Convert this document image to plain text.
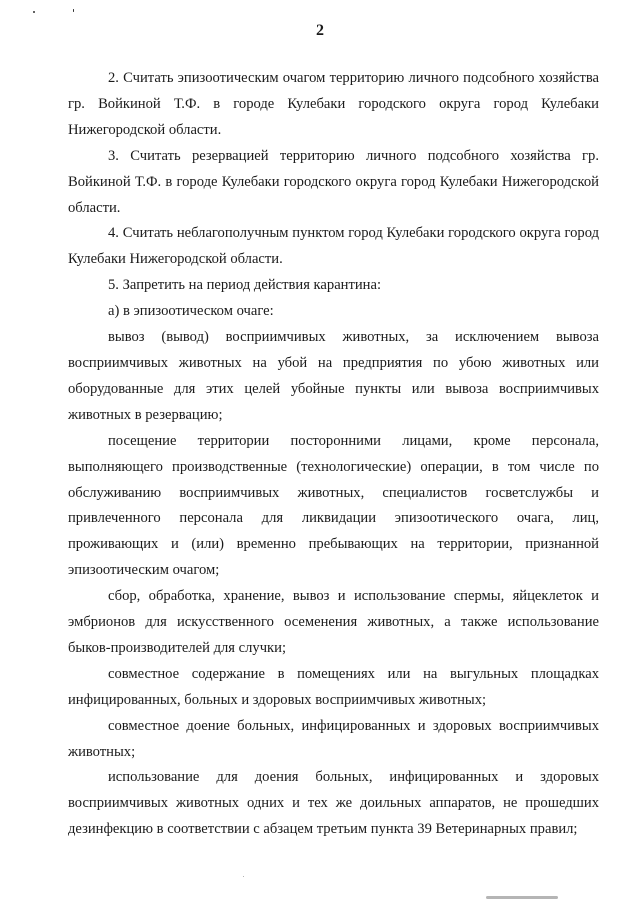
2

2. Считать эпизоотическим очагом территорию личного подсобного хозяйства гр. Войкиной Т.Ф. в городе Кулебаки городского округа город Кулебаки Нижегородской области.

3. Считать резервацией территорию личного подсобного хозяйства гр. Войкиной Т.Ф. в городе Кулебаки городского округа город Кулебаки Нижегородской области.

4. Считать неблагополучным пунктом город Кулебаки городского округа город Кулебаки Нижегородской области.

5. Запретить на период действия карантина:

а) в эпизоотическом очаге:

вывоз (вывод) восприимчивых животных, за исключением вывоза восприимчивых животных на убой на предприятия по убою животных или оборудованные для этих целей убойные пункты или вывоза восприимчивых животных в резервацию;

посещение территории посторонними лицами, кроме персонала, выполняющего производственные (технологические) операции, в том числе по обслуживанию восприимчивых животных, специалистов госветслужбы и привлеченного персонала для ликвидации эпизоотического очага, лиц, проживающих и (или) временно пребывающих на территории, признанной эпизоотическим очагом;

сбор, обработка, хранение, вывоз и использование спермы, яйцеклеток и эмбрионов для искусственного осеменения животных, а также использование быков-производителей для случки;

совместное содержание в помещениях или на выгульных площадках инфицированных, больных и здоровых восприимчивых животных;

совместное доение больных, инфицированных и здоровых восприимчивых животных;

использование для доения больных, инфицированных и здоровых восприимчивых животных одних и тех же доильных аппаратов, не прошедших дезинфекцию в соответствии с абзацем третьим пункта 39 Ветеринарных правил;
